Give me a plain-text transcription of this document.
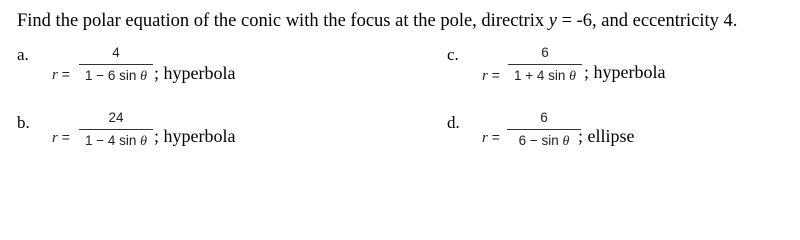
Find the polar equation of the conic with the focus at the pole, directrix y = -6, and eccentricity 4.
a.
r =
4
1 − 6 sin θ ; hyperbola
b.
r =
24
1 − 4 sin θ ; hyperbola
c.
r =
6
1 + 4 sin θ ; hyperbola
d.
r =
6
6 − sin θ ; ellipse
